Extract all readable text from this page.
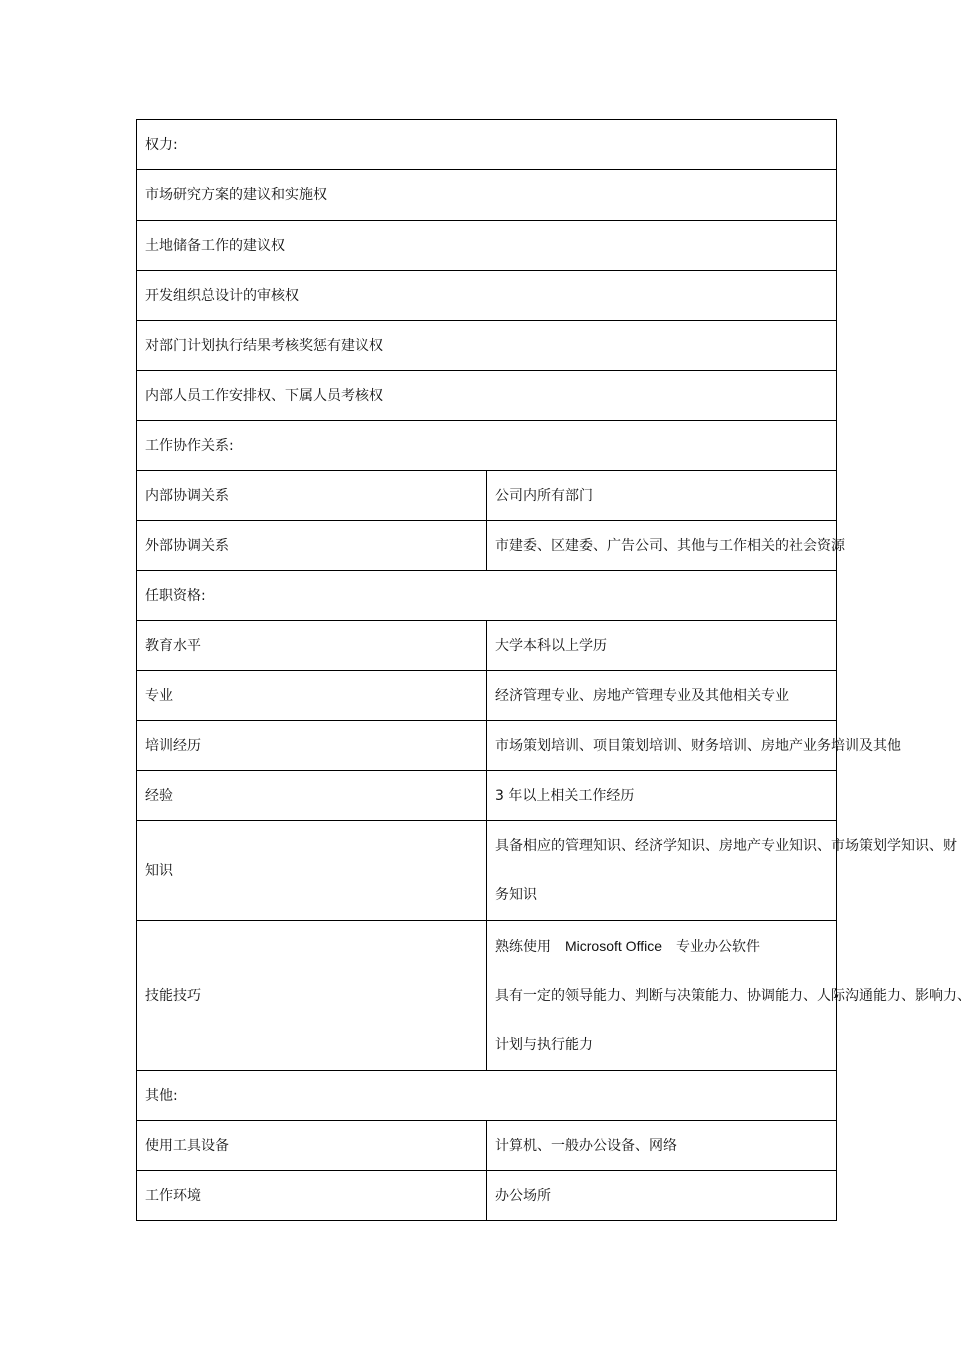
权力:	
市场研究方案的建议和实施权	
土地储备工作的建议权	
开发组织总设计的审核权	
对部门计划执行结果考核奖惩有建议权	
内部人员工作安排权、下属人员考核权	
工作协作关系:	
内部协调关系	公司内所有部门
外部协调关系	市建委、区建委、广告公司、其他与工作相关的社会资源
任职资格:	
教育水平	大学本科以上学历
专业	经济管理专业、房地产管理专业及其他相关专业
培训经历	市场策划培训、项目策划培训、财务培训、房地产业务培训及其他
经验	3 年以上相关工作经历
知识	具备相应的管理知识、经济学知识、房地产专业知识、市场策划学知识、财
务知识

技能技巧	熟练使用　Microsoft Office　专业办公软件
具有一定的领导能力、判断与决策能力、协调能力、人际沟通能力、影响力、
计划与执行能力

其他:	
使用工具设备	计算机、一般办公设备、网络
工作环境	办公场所
